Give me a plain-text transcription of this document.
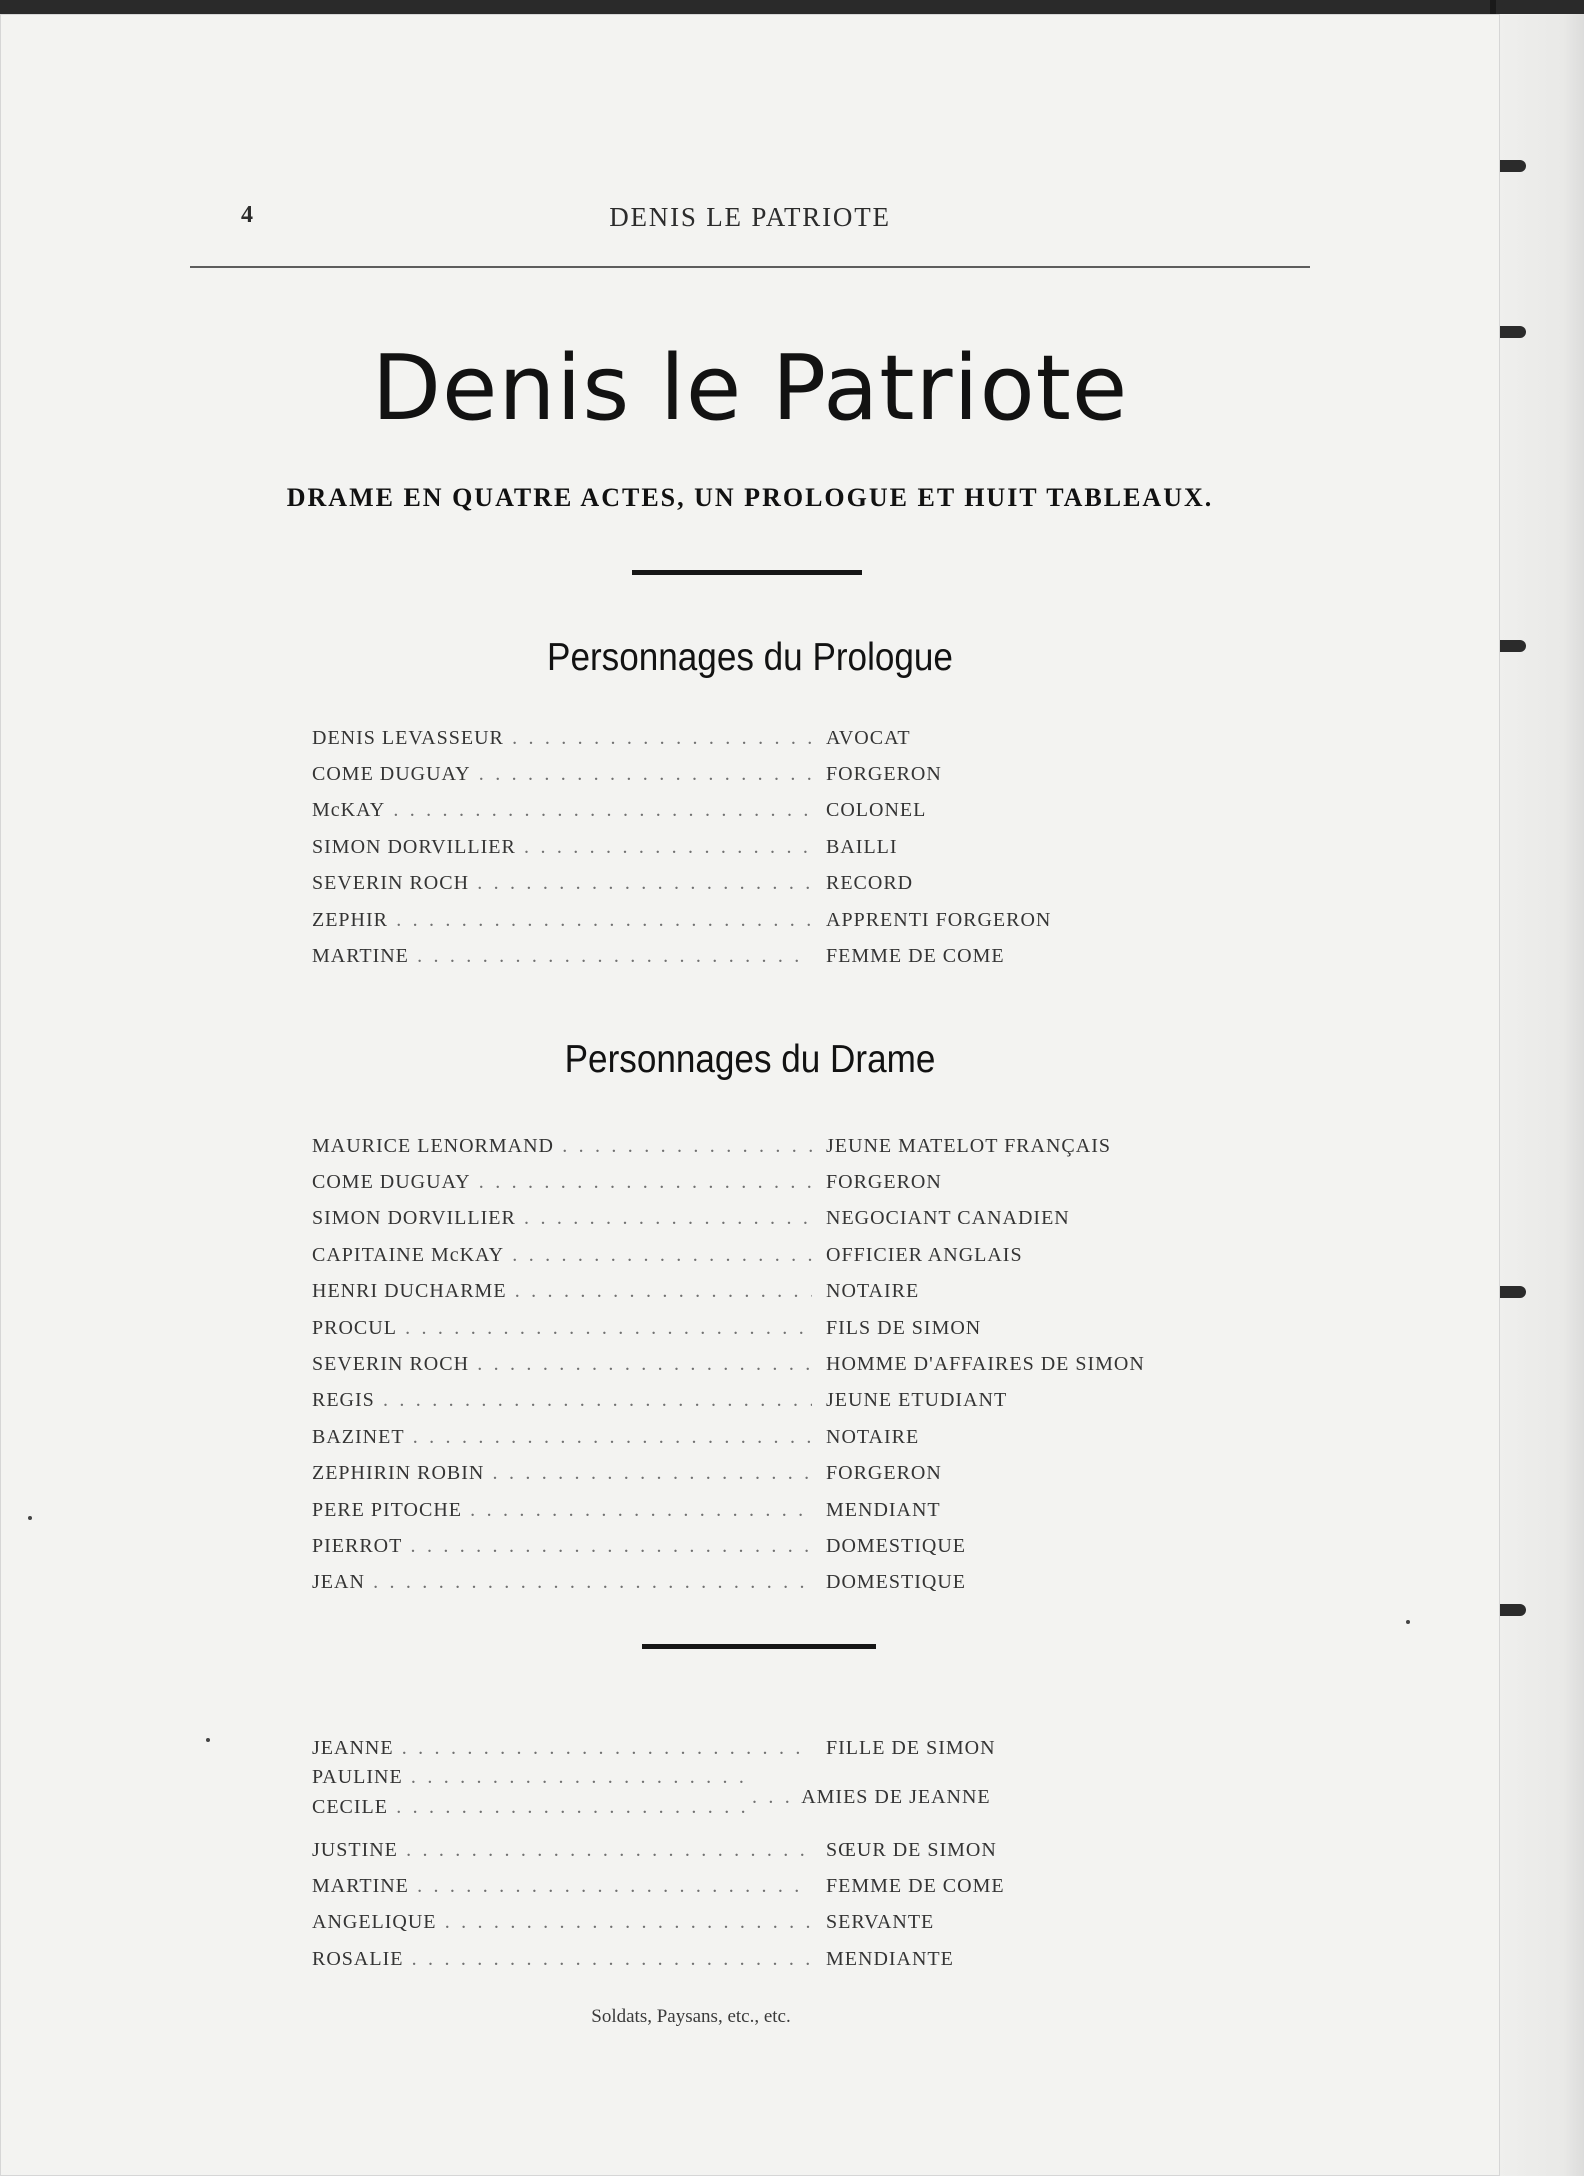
4	DENIS LE PATRIOTE
Denis le Patriote
DRAME EN QUATRE ACTES, UN PROLOGUE ET HUIT TABLEAUX.
Personnages du Prologue
DENIS LEVASSEUR . . .	AVOCAT
COME DUGUAY . . .	FORGERON
McKAY . . .	COLONEL
SIMON DORVILLIER . . .	BAILLI
SEVERIN ROCH . . .	RECORD
ZEPHIR . . .	APPRENTI FORGERON
MARTINE . . .	FEMME DE COME
Personnages du Drame
MAURICE LENORMAND . . .	JEUNE MATELOT FRANÇAIS
COME DUGUAY . . .	FORGERON
SIMON DORVILLIER . . .	NEGOCIANT CANADIEN
CAPITAINE McKAY . . .	OFFICIER ANGLAIS
HENRI DUCHARME . . .	NOTAIRE
PROCUL . . .	FILS DE SIMON
SEVERIN ROCH . . .	HOMME D'AFFAIRES DE SIMON
REGIS . . .	JEUNE ETUDIANT
BAZINET . . .	NOTAIRE
ZEPHIRIN ROBIN . . .	FORGERON
PERE PITOCHE . . .	MENDIANT
PIERROT . . .	DOMESTIQUE
JEAN . . .	DOMESTIQUE
JEANNE . . .	FILLE DE SIMON
PAULINE . . .
CECILE . . .
. . .	AMIES DE JEANNE
JUSTINE . . .	SŒUR DE SIMON
MARTINE . . .	FEMME DE COME
ANGELIQUE . . .	SERVANTE
ROSALIE . . .	MENDIANTE
Soldats, Paysans, etc., etc.
